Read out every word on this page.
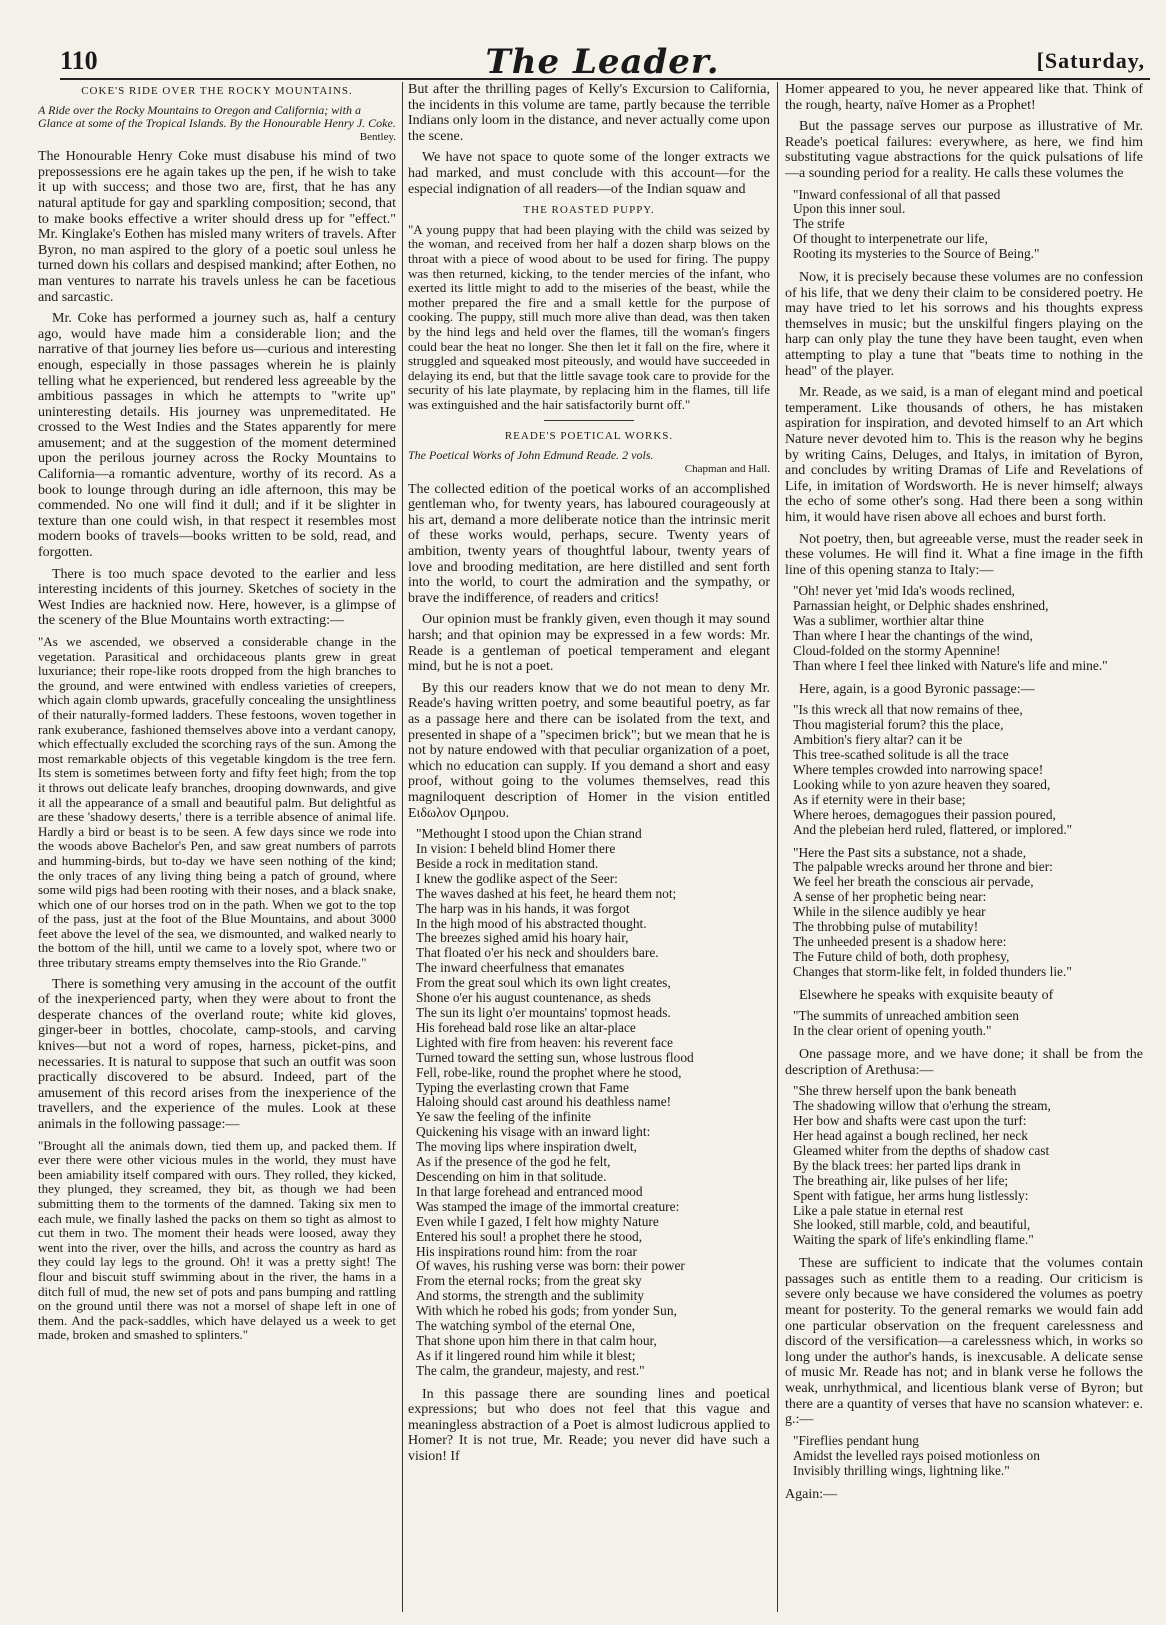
110	The Leader.	[Saturday,
COKE'S RIDE OVER THE ROCKY MOUNTAINS.
A Ride over the Rocky Mountains to Oregon and California; with a Glance at some of the Tropical Islands. By the Honourable Henry J. Coke.
Bentley.

The Honourable Henry Coke must disabuse his mind of two prepossessions ere he again takes up the pen, if he wish to take it up with success; and those two are, first, that he has any natural aptitude for gay and sparkling composition; second, that to make books effective a writer should dress up for "effect." Mr. Kinglake's Eothen has misled many writers of travels. After Byron, no man aspired to the glory of a poetic soul unless he turned down his collars and despised mankind; after Eothen, no man ventures to narrate his travels unless he can be facetious and sarcastic.

Mr. Coke has performed a journey such as, half a century ago, would have made him a considerable lion; and the narrative of that journey lies before us—curious and interesting enough, especially in those passages wherein he is plainly telling what he experienced, but rendered less agreeable by the ambitious passages in which he attempts to "write up" uninteresting details. His journey was unpremeditated. He crossed to the West Indies and the States apparently for mere amusement; and at the suggestion of the moment determined upon the perilous journey across the Rocky Mountains to California—a romantic adventure, worthy of its record. As a book to lounge through during an idle afternoon, this may be commended. No one will find it dull; and if it be slighter in texture than one could wish, in that respect it resembles most modern books of travels—books written to be sold, read, and forgotten.

There is too much space devoted to the earlier and less interesting incidents of this journey. Sketches of society in the West Indies are hacknied now. Here, however, is a glimpse of the scenery of the Blue Mountains worth extracting:—

"As we ascended, we observed a considerable change in the vegetation. Parasitical and orchidaceous plants grew in great luxuriance; their rope-like roots dropped from the high branches to the ground, and were entwined with endless varieties of creepers, which again clomb upwards, gracefully concealing the unsightliness of their naturally-formed ladders. These festoons, woven together in rank exuberance, fashioned themselves above into a verdant canopy, which effectually excluded the scorching rays of the sun. Among the most remarkable objects of this vegetable kingdom is the tree fern. Its stem is sometimes between forty and fifty feet high; from the top it throws out delicate leafy branches, drooping downwards, and give it all the appearance of a small and beautiful palm. But delightful as are these 'shadowy deserts,' there is a terrible absence of animal life. Hardly a bird or beast is to be seen. A few days since we rode into the woods above Bachelor's Pen, and saw great numbers of parrots and humming-birds, but to-day we have seen nothing of the kind; the only traces of any living thing being a patch of ground, where some wild pigs had been rooting with their noses, and a black snake, which one of our horses trod on in the path. When we got to the top of the pass, just at the foot of the Blue Mountains, and about 3000 feet above the level of the sea, we dismounted, and walked nearly to the bottom of the hill, until we came to a lovely spot, where two or three tributary streams empty themselves into the Rio Grande."

There is something very amusing in the account of the outfit of the inexperienced party, when they were about to front the desperate chances of the overland route; white kid gloves, ginger-beer in bottles, chocolate, camp-stools, and carving knives—but not a word of ropes, harness, picket-pins, and necessaries. It is natural to suppose that such an outfit was soon practically discovered to be absurd. Indeed, part of the amusement of this record arises from the inexperience of the travellers, and the experience of the mules. Look at these animals in the following passage:—

"Brought all the animals down, tied them up, and packed them. If ever there were other vicious mules in the world, they must have been amiability itself compared with ours. They rolled, they kicked, they plunged, they screamed, they bit, as though we had been submitting them to the torments of the damned. Taking six men to each mule, we finally lashed the packs on them so tight as almost to cut them in two. The moment their heads were loosed, away they went into the river, over the hills, and across the country as hard as they could lay legs to the ground. Oh! it was a pretty sight! The flour and biscuit stuff swimming about in the river, the hams in a ditch full of mud, the new set of pots and pans bumping and rattling on the ground until there was not a morsel of shape left in one of them. And the pack-saddles, which have delayed us a week to get made, broken and smashed to splinters."

But after the thrilling pages of Kelly's Excursion to California, the incidents in this volume are tame, partly because the terrible Indians only loom in the distance, and never actually come upon the scene.

We have not space to quote some of the longer extracts we had marked, and must conclude with this account—for the especial indignation of all readers—of the Indian squaw and

THE ROASTED PUPPY.

"A young puppy that had been playing with the child was seized by the woman, and received from her half a dozen sharp blows on the throat with a piece of wood about to be used for firing. The puppy was then returned, kicking, to the tender mercies of the infant, who exerted its little might to add to the miseries of the beast, while the mother prepared the fire and a small kettle for the purpose of cooking. The puppy, still much more alive than dead, was then taken by the hind legs and held over the flames, till the woman's fingers could bear the heat no longer. She then let it fall on the fire, where it struggled and squeaked most piteously, and would have succeeded in delaying its end, but that the little savage took care to provide for the security of his late playmate, by replacing him in the flames, till life was extinguished and the hair satisfactorily burnt off."

READE'S POETICAL WORKS.
The Poetical Works of John Edmund Reade. 2 vols.
Chapman and Hall.

The collected edition of the poetical works of an accomplished gentleman who, for twenty years, has laboured courageously at his art, demand a more deliberate notice than the intrinsic merit of these works would, perhaps, secure. Twenty years of ambition, twenty years of thoughtful labour, twenty years of love and brooding meditation, are here distilled and sent forth into the world, to court the admiration and the sympathy, or brave the indifference, of readers and critics!

Our opinion must be frankly given, even though it may sound harsh; and that opinion may be expressed in a few words: Mr. Reade is a gentleman of poetical temperament and elegant mind, but he is not a poet.

By this our readers know that we do not mean to deny Mr. Reade's having written poetry, and some beautiful poetry, as far as a passage here and there can be isolated from the text, and presented in shape of a "specimen brick"; but we mean that he is not by nature endowed with that peculiar organization of a poet, which no education can supply. If you demand a short and easy proof, without going to the volumes themselves, read this magniloquent description of Homer in the vision entitled Ειδωλον Ομηρου.

"Methought I stood upon the Chian strand
In vision: I beheld blind Homer there
Beside a rock in meditation stand.
I knew the godlike aspect of the Seer:
The waves dashed at his feet, he heard them not;
The harp was in his hands, it was forgot
In the high mood of his abstracted thought.
The breezes sighed amid his hoary hair,
That floated o'er his neck and shoulders bare.
The inward cheerfulness that emanates
From the great soul which its own light creates,
Shone o'er his august countenance, as sheds
The sun its light o'er mountains' topmost heads.
His forehead bald rose like an altar-place
Lighted with fire from heaven: his reverent face
Turned toward the setting sun, whose lustrous flood
Fell, robe-like, round the prophet where he stood,
Typing the everlasting crown that Fame
Haloing should cast around his deathless name!
Ye saw the feeling of the infinite
Quickening his visage with an inward light:
The moving lips where inspiration dwelt,
As if the presence of the god he felt,
Descending on him in that solitude.
In that large forehead and entranced mood
Was stamped the image of the immortal creature:
Even while I gazed, I felt how mighty Nature
Entered his soul! a prophet there he stood,
His inspirations round him: from the roar
Of waves, his rushing verse was born: their power
From the eternal rocks; from the great sky
And storms, the strength and the sublimity
With which he robed his gods; from yonder Sun,
The watching symbol of the eternal One,
That shone upon him there in that calm hour,
As if it lingered round him while it blest;
The calm, the grandeur, majesty, and rest."

In this passage there are sounding lines and poetical expressions; but who does not feel that this vague and meaningless abstraction of a Poet is almost ludicrous applied to Homer? It is not true, Mr. Reade; you never did have such a vision! If

Homer appeared to you, he never appeared like that. Think of the rough, hearty, naïve Homer as a Prophet!

But the passage serves our purpose as illustrative of Mr. Reade's poetical failures: everywhere, as here, we find him substituting vague abstractions for the quick pulsations of life—a sounding period for a reality. He calls these volumes the

"Inward confessional of all that passed
Upon this inner soul.
The strife
Of thought to interpenetrate our life,
Rooting its mysteries to the Source of Being."

Now, it is precisely because these volumes are no confession of his life, that we deny their claim to be considered poetry. He may have tried to let his sorrows and his thoughts express themselves in music; but the unskilful fingers playing on the harp can only play the tune they have been taught, even when attempting to play a tune that "beats time to nothing in the head" of the player.

Mr. Reade, as we said, is a man of elegant mind and poetical temperament. Like thousands of others, he has mistaken aspiration for inspiration, and devoted himself to an Art which Nature never devoted him to. This is the reason why he begins by writing Cains, Deluges, and Italys, in imitation of Byron, and concludes by writing Dramas of Life and Revelations of Life, in imitation of Wordsworth. He is never himself; always the echo of some other's song. Had there been a song within him, it would have risen above all echoes and burst forth.

Not poetry, then, but agreeable verse, must the reader seek in these volumes. He will find it. What a fine image in the fifth line of this opening stanza to Italy:—

"Oh! never yet 'mid Ida's woods reclined,
Parnassian height, or Delphic shades enshrined,
Was a sublimer, worthier altar thine
Than where I hear the chantings of the wind,
Cloud-folded on the stormy Apennine!
Than where I feel thee linked with Nature's life and mine."

Here, again, is a good Byronic passage:—

"Is this wreck all that now remains of thee,
Thou magisterial forum? this the place,
Ambition's fiery altar? can it be
This tree-scathed solitude is all the trace
Where temples crowded into narrowing space!
Looking while to yon azure heaven they soared,
As if eternity were in their base;
Where heroes, demagogues their passion poured,
And the plebeian herd ruled, flattered, or implored."
"Here the Past sits a substance, not a shade,
The palpable wrecks around her throne and bier:
We feel her breath the conscious air pervade,
A sense of her prophetic being near:
While in the silence audibly ye hear
The throbbing pulse of mutability!
The unheeded present is a shadow here:
The Future child of both, doth prophesy,
Changes that storm-like felt, in folded thunders lie."

Elsewhere he speaks with exquisite beauty of

"The summits of unreached ambition seen
In the clear orient of opening youth."

One passage more, and we have done; it shall be from the description of Arethusa:—

"She threw herself upon the bank beneath
The shadowing willow that o'erhung the stream,
Her bow and shafts were cast upon the turf:
Her head against a bough reclined, her neck
Gleamed whiter from the depths of shadow cast
By the black trees: her parted lips drank in
The breathing air, like pulses of her life;
Spent with fatigue, her arms hung listlessly:
Like a pale statue in eternal rest
She looked, still marble, cold, and beautiful,
Waiting the spark of life's enkindling flame."

These are sufficient to indicate that the volumes contain passages such as entitle them to a reading. Our criticism is severe only because we have considered the volumes as poetry meant for posterity. To the general remarks we would fain add one particular observation on the frequent carelessness and discord of the versification—a carelessness which, in works so long under the author's hands, is inexcusable. A delicate sense of music Mr. Reade has not; and in blank verse he follows the weak, unrhythmical, and licentious blank verse of Byron; but there are a quantity of verses that have no scansion whatever: e. g.:—

"Fireflies pendant hung
Amidst the levelled rays poised motionless on
Invisibly thrilling wings, lightning like."

Again:—
